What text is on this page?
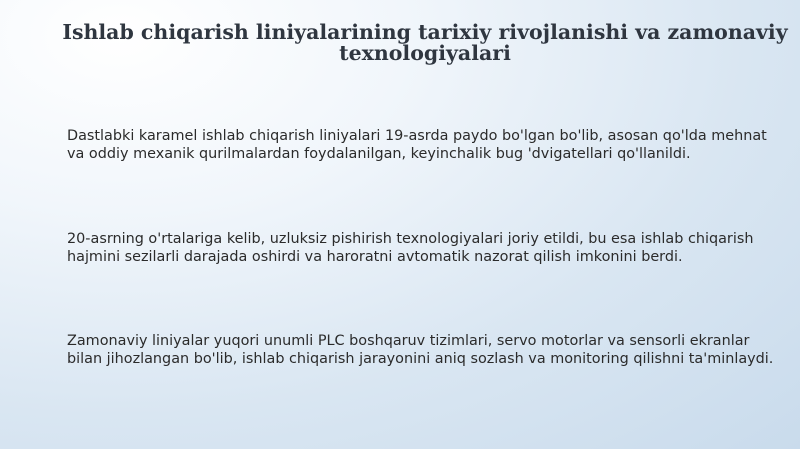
Ishlab chiqarish liniyalarining tarixiy rivojlanishi va zamonaviy texnologiyalari

Dastlabki karamel ishlab chiqarish liniyalari 19-asrda paydo bo'lgan bo'lib, asosan qo'lda mehnat va oddiy mexanik qurilmalardan foydalanilgan, keyinchalik bug 'dvigatellari qo'llanildi.

20-asrning o'rtalariga kelib, uzluksiz pishirish texnologiyalari joriy etildi, bu esa ishlab chiqarish hajmini sezilarli darajada oshirdi va haroratni avtomatik nazorat qilish imkonini berdi.

Zamonaviy liniyalar yuqori unumli PLC boshqaruv tizimlari, servo motorlar va sensorli ekranlar bilan jihozlangan bo'lib, ishlab chiqarish jarayonini aniq sozlash va monitoring qilishni ta'minlaydi.
